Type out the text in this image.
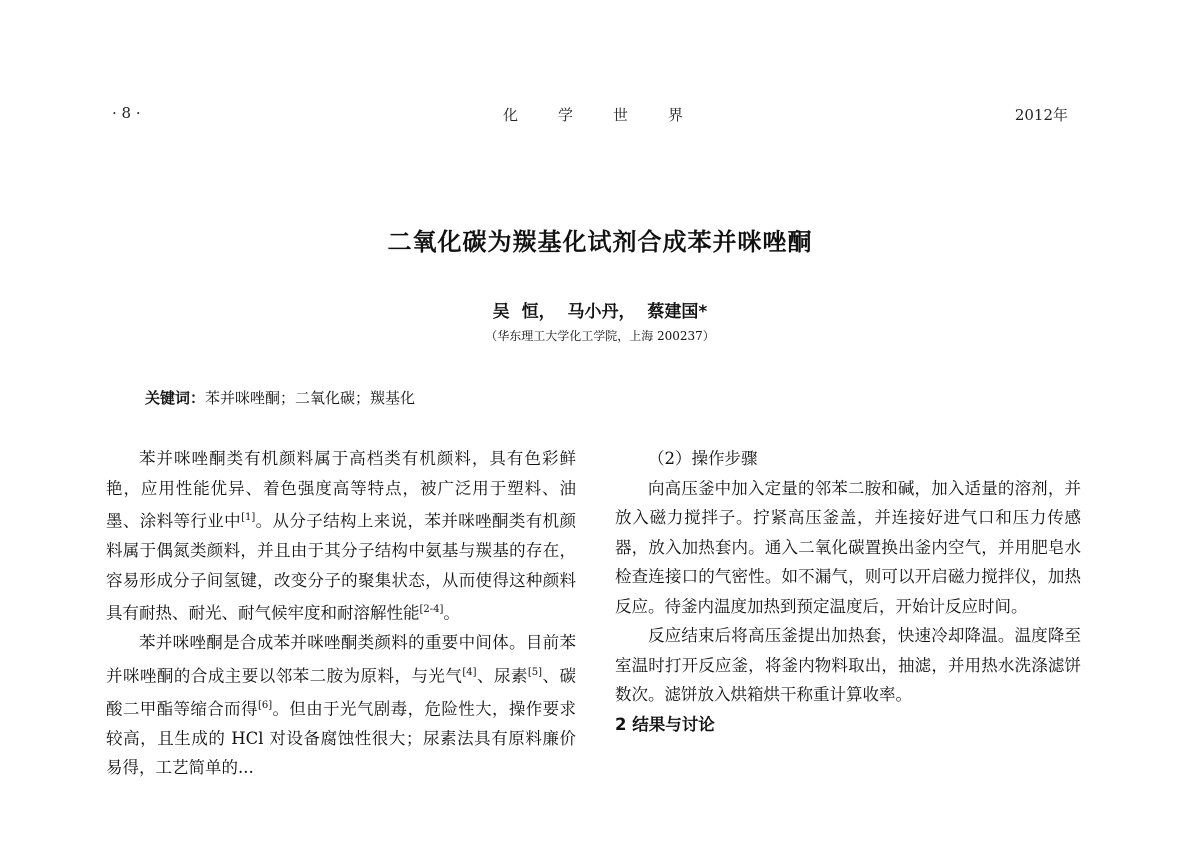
· 8 ·	化学世界	2012年
二氧化碳为羰基化试剂合成苯并咪唑酮
吴 恒， 马小丹， 蔡建国*
（华东理工大学化工学院，上海 200237）
关键词：苯并咪唑酮；二氧化碳；羰基化

苯并咪唑酮类有机颜料属于高档类有机颜料，具有色彩鲜艳，应用性能优异、着色强度高等特点，被广泛用于塑料、油墨、涂料等行业中[1]。从分子结构上来说，苯并咪唑酮类有机颜料属于偶氮类颜料，并且由于其分子结构中氨基与羰基的存在，容易形成分子间氢键，改变分子的聚集状态，从而使得这种颜料具有耐热、耐光、耐气候牢度和耐溶解性能[2-4]。

苯并咪唑酮是合成苯并咪唑酮类颜料的重要中间体。目前苯并咪唑酮的合成主要以邻苯二胺为原料，与光气[4]、尿素[5]、碳酸二甲酯等缩合而得[6]。但由于光气剧毒，危险性大，操作要求较高，且生成的 HCl 对设备腐蚀性很大；尿素法具有原料廉价易得，工艺简单的...

（2）操作步骤

向高压釜中加入定量的邻苯二胺和碱，加入适量的溶剂，并放入磁力搅拌子。拧紧高压釜盖，并连接好进气口和压力传感器，放入加热套内。通入二氧化碳置换出釜内空气，并用肥皂水检查连接口的气密性。如不漏气，则可以开启磁力搅拌仪，加热反应。待釜内温度加热到预定温度后，开始计反应时间。

反应结束后将高压釜提出加热套，快速冷却降温。温度降至室温时打开反应釜，将釜内物料取出，抽滤，并用热水洗涤滤饼数次。滤饼放入烘箱烘干称重计算收率。

2 结果与讨论
